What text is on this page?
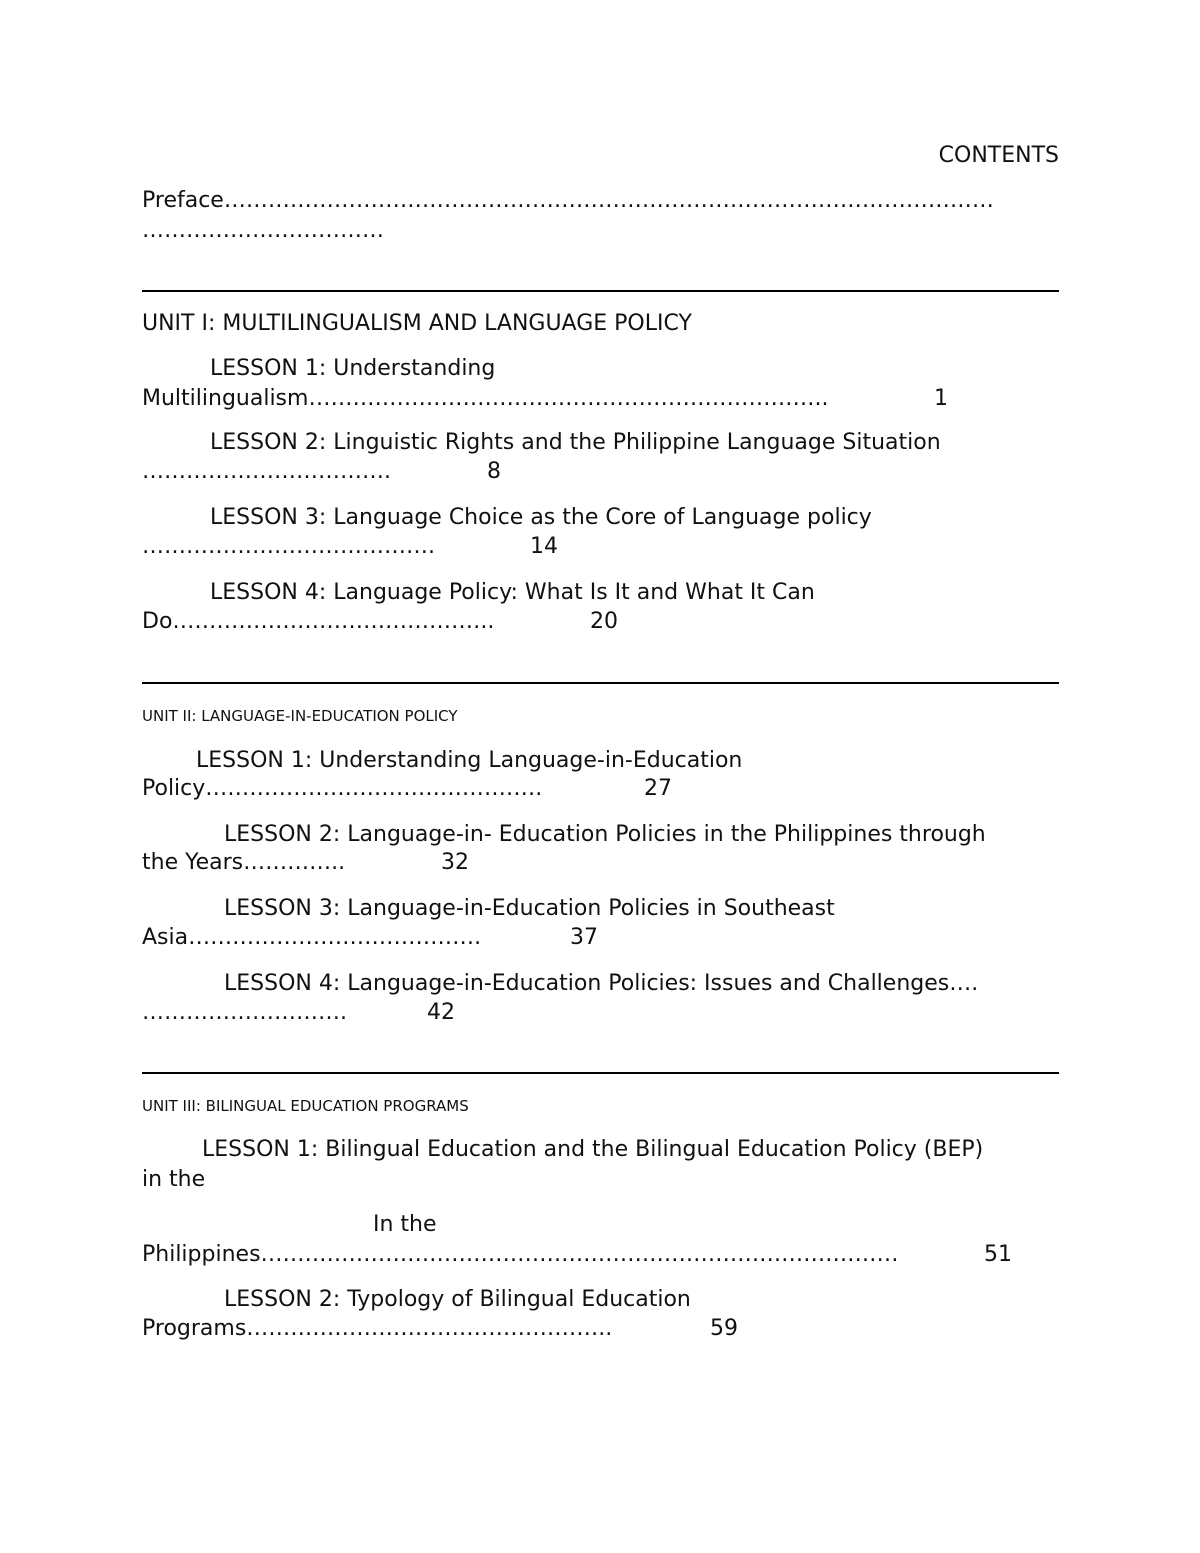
CONTENTS
Preface……………………………………………………………………………………………
……………………………
UNIT I: MULTILINGUALISM AND LANGUAGE POLICY
LESSON 1: Understanding
Multilingualism……………………………………………………………..	1
LESSON 2: Linguistic Rights and the Philippine Language Situation
…………………………….	8
LESSON 3: Language Choice as the Core of Language policy
………………………………….	14
LESSON 4: Language Policy: What Is It and What It Can
Do……………………………………..	20
UNIT II: LANGUAGE-IN-EDUCATION POLICY
LESSON 1: Understanding Language-in-Education
Policy……………………………………….	27
LESSON 2: Language-in- Education Policies in the Philippines through
the Years…………..	32
LESSON 3: Language-in-Education Policies in Southeast
Asia………………………………….	37
LESSON 4: Language-in-Education Policies: Issues and Challenges….
……………………….	42
UNIT III: BILINGUAL EDUCATION PROGRAMS
LESSON 1: Bilingual Education and the Bilingual Education Policy (BEP)
in the
In the
Philippines……………………………………………………………………………	51
LESSON 2: Typology of Bilingual Education
Programs…………………………………………..	59
